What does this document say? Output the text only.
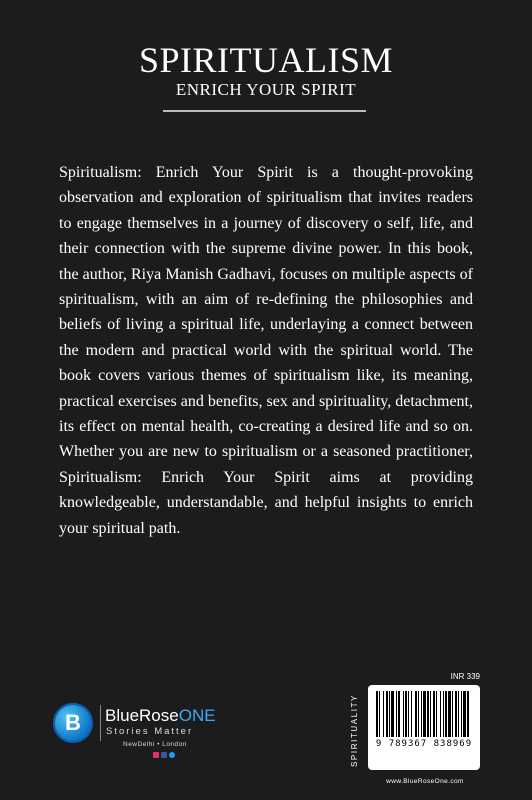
SPIRITUALISM
ENRICH YOUR SPIRIT

Spiritualism: Enrich Your Spirit is a thought-provoking observation and exploration of spiritualism that invites readers to engage themselves in a journey of discovery o self, life, and their connection with the supreme divine power. In this book, the author, Riya Manish Gadhavi, focuses on multiple aspects of spiritualism, with an aim of re-defining the philosophies and beliefs of living a spiritual life, underlaying a connect between the modern and practical world with the spiritual world. The book covers various themes of spiritualism like, its meaning, practical exercises and benefits, sex and spirituality, detachment, its effect on mental health, co-creating a desired life and so on. Whether you are new to spiritualism or a seasoned practitioner, Spiritualism: Enrich Your Spirit aims at providing knowledgeable, understandable, and helpful insights to enrich your spiritual path.

B	BlueRoseONE
Stories Matter
NewDelhi • London	SPIRITUALITY
INR 339
9 789367 838969
www.BlueRoseOne.com
